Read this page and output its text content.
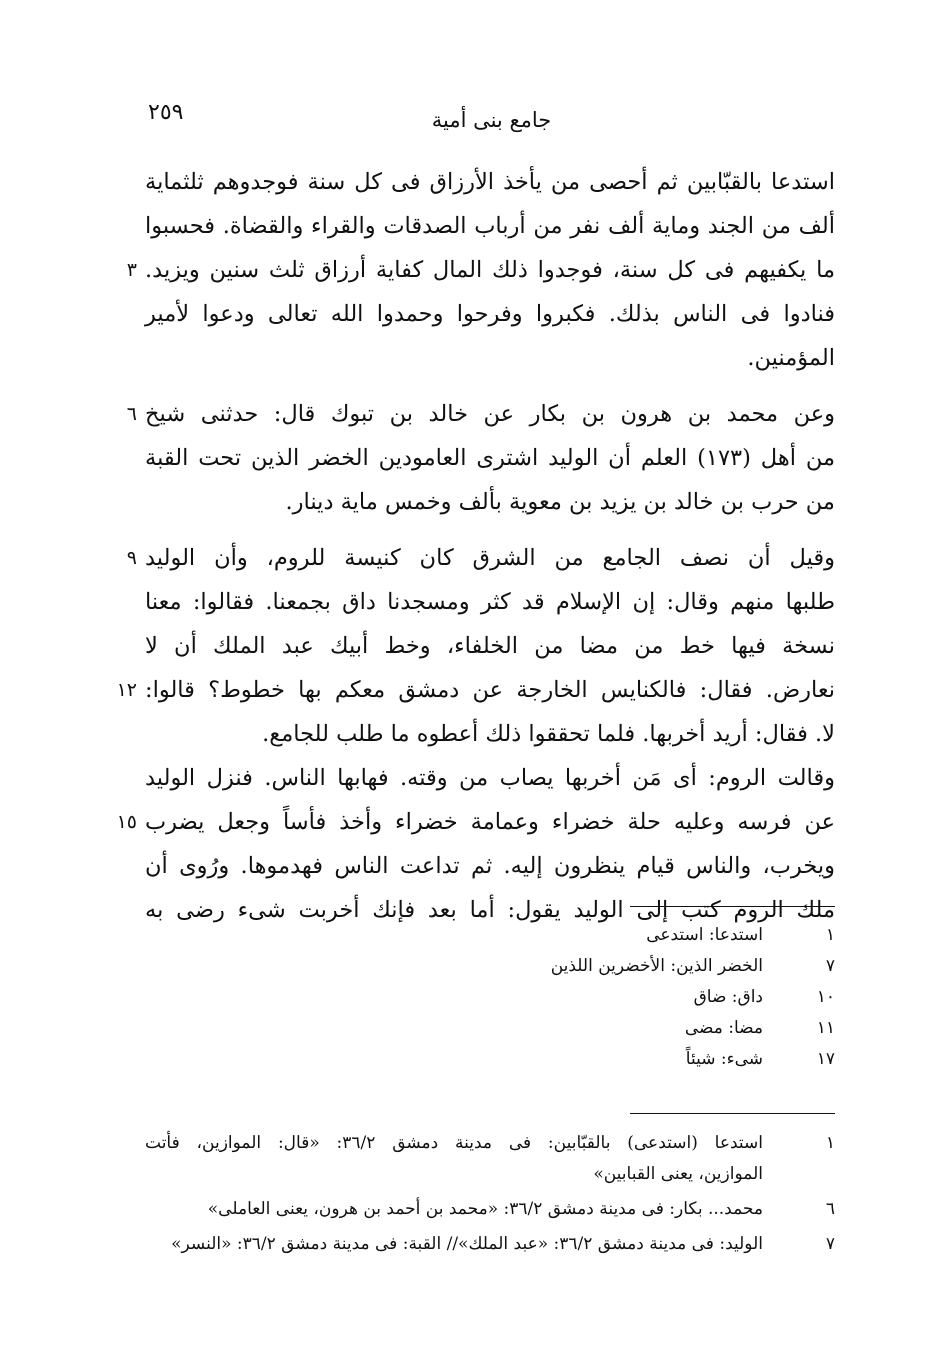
٢٥٩	جامع بنى أمية
استدعا بالقبّابين ثم أحصى من يأخذ الأرزاق فى كل سنة فوجدوهم ثلثماية
ألف من الجند وماية ألف نفر من أرباب الصدقات والقراء والقضاة. فحسبوا
ما يكفيهم فى كل سنة، فوجدوا ذلك المال كفاية أرزاق ثلث سنين ويزيد.
٣
فنادوا فى الناس بذلك. فكبروا وفرحوا وحمدوا الله تعالى ودعوا لأمير
المؤمنين.
وعن محمد بن هرون بن بكار عن خالد بن تبوك قال: حدثنى شيخ
٦
من أهل (١٧٣) العلم أن الوليد اشترى العامودين الخضر الذين تحت القبة
من حرب بن خالد بن يزيد بن معوية بألف وخمس ماية دينار.
وقيل أن نصف الجامع من الشرق كان كنيسة للروم، وأن الوليد
٩
طلبها منهم وقال: إن الإسلام قد كثر ومسجدنا داق بجمعنا. فقالوا: معنا
نسخة فيها خط من مضا من الخلفاء، وخط أبيك عبد الملك أن لا
نعارض. فقال: فالكنايس الخارجة عن دمشق معكم بها خطوط؟ قالوا:
١٢
لا. فقال: أريد أخربها. فلما تحققوا ذلك أعطوه ما طلب للجامع.
وقالت الروم: أى مَن أخربها يصاب من وقته. فهابها الناس. فنزل الوليد
عن فرسه وعليه حلة خضراء وعمامة خضراء وأخذ فأساً وجعل يضرب
١٥
ويخرب، والناس قيام ينظرون إليه. ثم تداعت الناس فهدموها. ورُوى أن
ملك الروم كتب إلى الوليد يقول: أما بعد فإنك أخربت شىء رضى به
١
استدعا: استدعى
٧
الخضر الذين: الأخضرين اللذين
١٠
داق: ضاق
١١
مضا: مضى
١٧
شىء: شيئاً
١
استدعا (استدعى) بالقبّابين: فى مدينة دمشق ٣٦/٢: «قال: الموازين، فأتت
الموازين، يعنى القبابين»
٦
محمد... بكار: فى مدينة دمشق ٣٦/٢: «محمد بن أحمد بن هرون، يعنى العاملى»
٧
الوليد: فى مدينة دمشق ٣٦/٢: «عبد الملك»// القبة: فى مدينة دمشق ٣٦/٢: «النسر»
